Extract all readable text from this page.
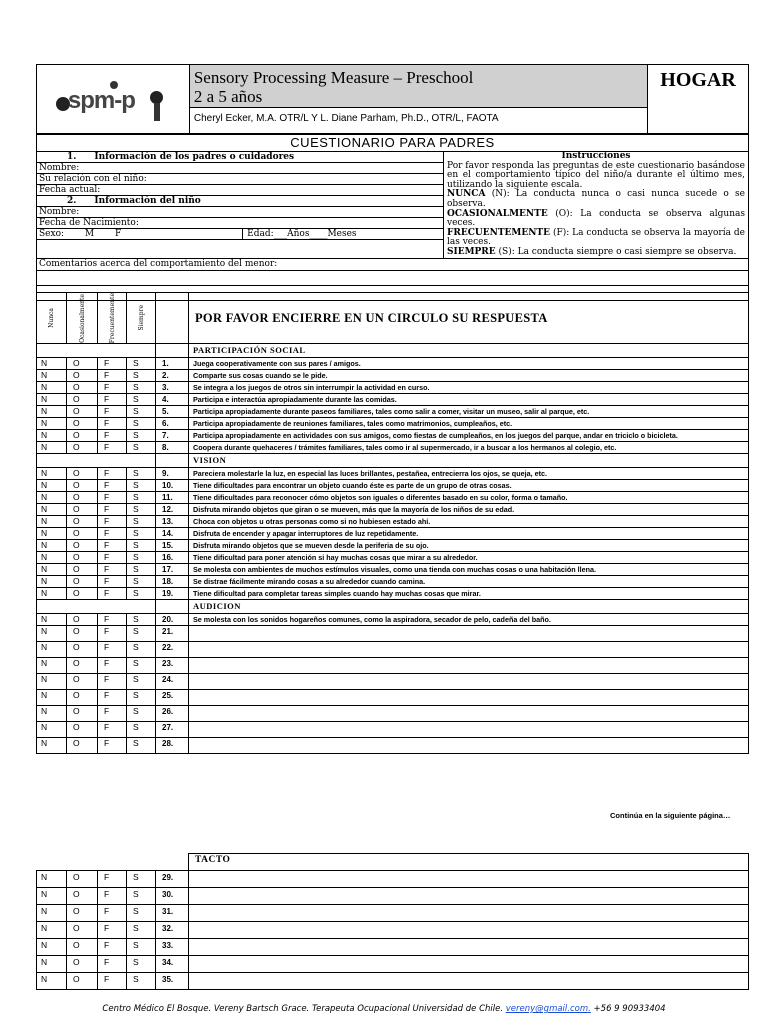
spm-p

Sensory Processing Measure – Preschool
2 a 5 años
	HOGAR
Cheryl Ecker, M.A. OTR/L Y L. Diane Parham, Ph.D., OTR/L, FAOTA
CUESTIONARIO PARA PADRES

1. Información de los padres o cuidadores
Nombre:
Su relación con el niño:
Fecha actual:
2. Información del niño
Nombre:
Fecha de Nacimiento:
Sexo: M F	Edad:___Años____Meses

Instrucciones
Por favor responda las preguntas de este cuestionario basándose en el comportamiento típico del niño/a durante el último mes, utilizando la siguiente escala.
NUNCA (N): La conducta nunca o casi nunca sucede o se observa.
OCASIONALMENTE (O): La conducta se observa algunas veces.
FRECUENTEMENTE (F): La conducta se observa la mayoría de las veces.
SIEMPRE (S): La conducta siempre o casi siempre se observa.

Comentarios acerca del comportamiento del menor:

Nunca	Ocasionalmente	Frecuentemente	Siempre		POR FAVOR ENCIERRE EN UN CIRCULO SU RESPUESTA
					PARTICIPACIÓN SOCIAL
N	O	F	S	1.	Juega cooperativamente con sus pares / amigos.
N	O	F	S	2.	Comparte sus cosas cuando se le pide.
N	O	F	S	3.	Se integra a los juegos de otros sin interrumpir la actividad en curso.
N	O	F	S	4.	Participa e interactúa apropiadamente durante las comidas.
N	O	F	S	5.	Participa apropiadamente durante paseos familiares, tales como salir a comer, visitar un museo, salir al parque, etc.
N	O	F	S	6.	Participa apropiadamente de reuniones familiares, tales como matrimonios, cumpleaños, etc.
N	O	F	S	7.	Participa apropiadamente en actividades con sus amigos, como fiestas de cumpleaños, en los juegos del parque, andar en triciclo o bicicleta.
N	O	F	S	8.	Coopera durante quehaceres / trámites familiares, tales como ir al supermercado, ir a buscar a los hermanos al colegio, etc.
					VISION
N	O	F	S	9.	Pareciera molestarle la luz, en especial las luces brillantes, pestañea, entrecierra los ojos, se queja, etc.
N	O	F	S	10.	Tiene dificultades para encontrar un objeto cuando éste es parte de un grupo de otras cosas.
N	O	F	S	11.	Tiene dificultades para reconocer cómo objetos son iguales o diferentes basado en su color, forma o tamaño.
N	O	F	S	12.	Disfruta mirando objetos que giran o se mueven, más que la mayoría de los niños de su edad.
N	O	F	S	13.	Choca con objetos u otras personas como si no hubiesen estado ahí.
N	O	F	S	14.	Disfruta de encender y apagar interruptores de luz repetidamente.
N	O	F	S	15.	Disfruta mirando objetos que se mueven desde la periferia de su ojo.
N	O	F	S	16.	Tiene dificultad para poner atención si hay muchas cosas que mirar a su alrededor.
N	O	F	S	17.	Se molesta con ambientes de muchos estímulos visuales, como una tienda con muchas cosas o una habitación llena.
N	O	F	S	18.	Se distrae fácilmente mirando cosas a su alrededor cuando camina.
N	O	F	S	19.	Tiene dificultad para completar tareas simples cuando hay muchas cosas que mirar.
					AUDICION
N	O	F	S	20.	Se molesta con los sonidos hogareños comunes, como la aspiradora, secador de pelo, cadeña del baño.
N	O	F	S	21.	
N	O	F	S	22.	
N	O	F	S	23.	
N	O	F	S	24.	
N	O	F	S	25.	
N	O	F	S	26.	
N	O	F	S	27.	
N	O	F	S	28.	
Continúa en la siguiente página…
					TACTO
N	O	F	S	29.	
N	O	F	S	30.	
N	O	F	S	31.	
N	O	F	S	32.	
N	O	F	S	33.	
N	O	F	S	34.	
N	O	F	S	35.	
Centro Médico El Bosque. Vereny Bartsch Grace. Terapeuta Ocupacional Universidad de Chile. vereny@gmail.com. +56 9 90933404
